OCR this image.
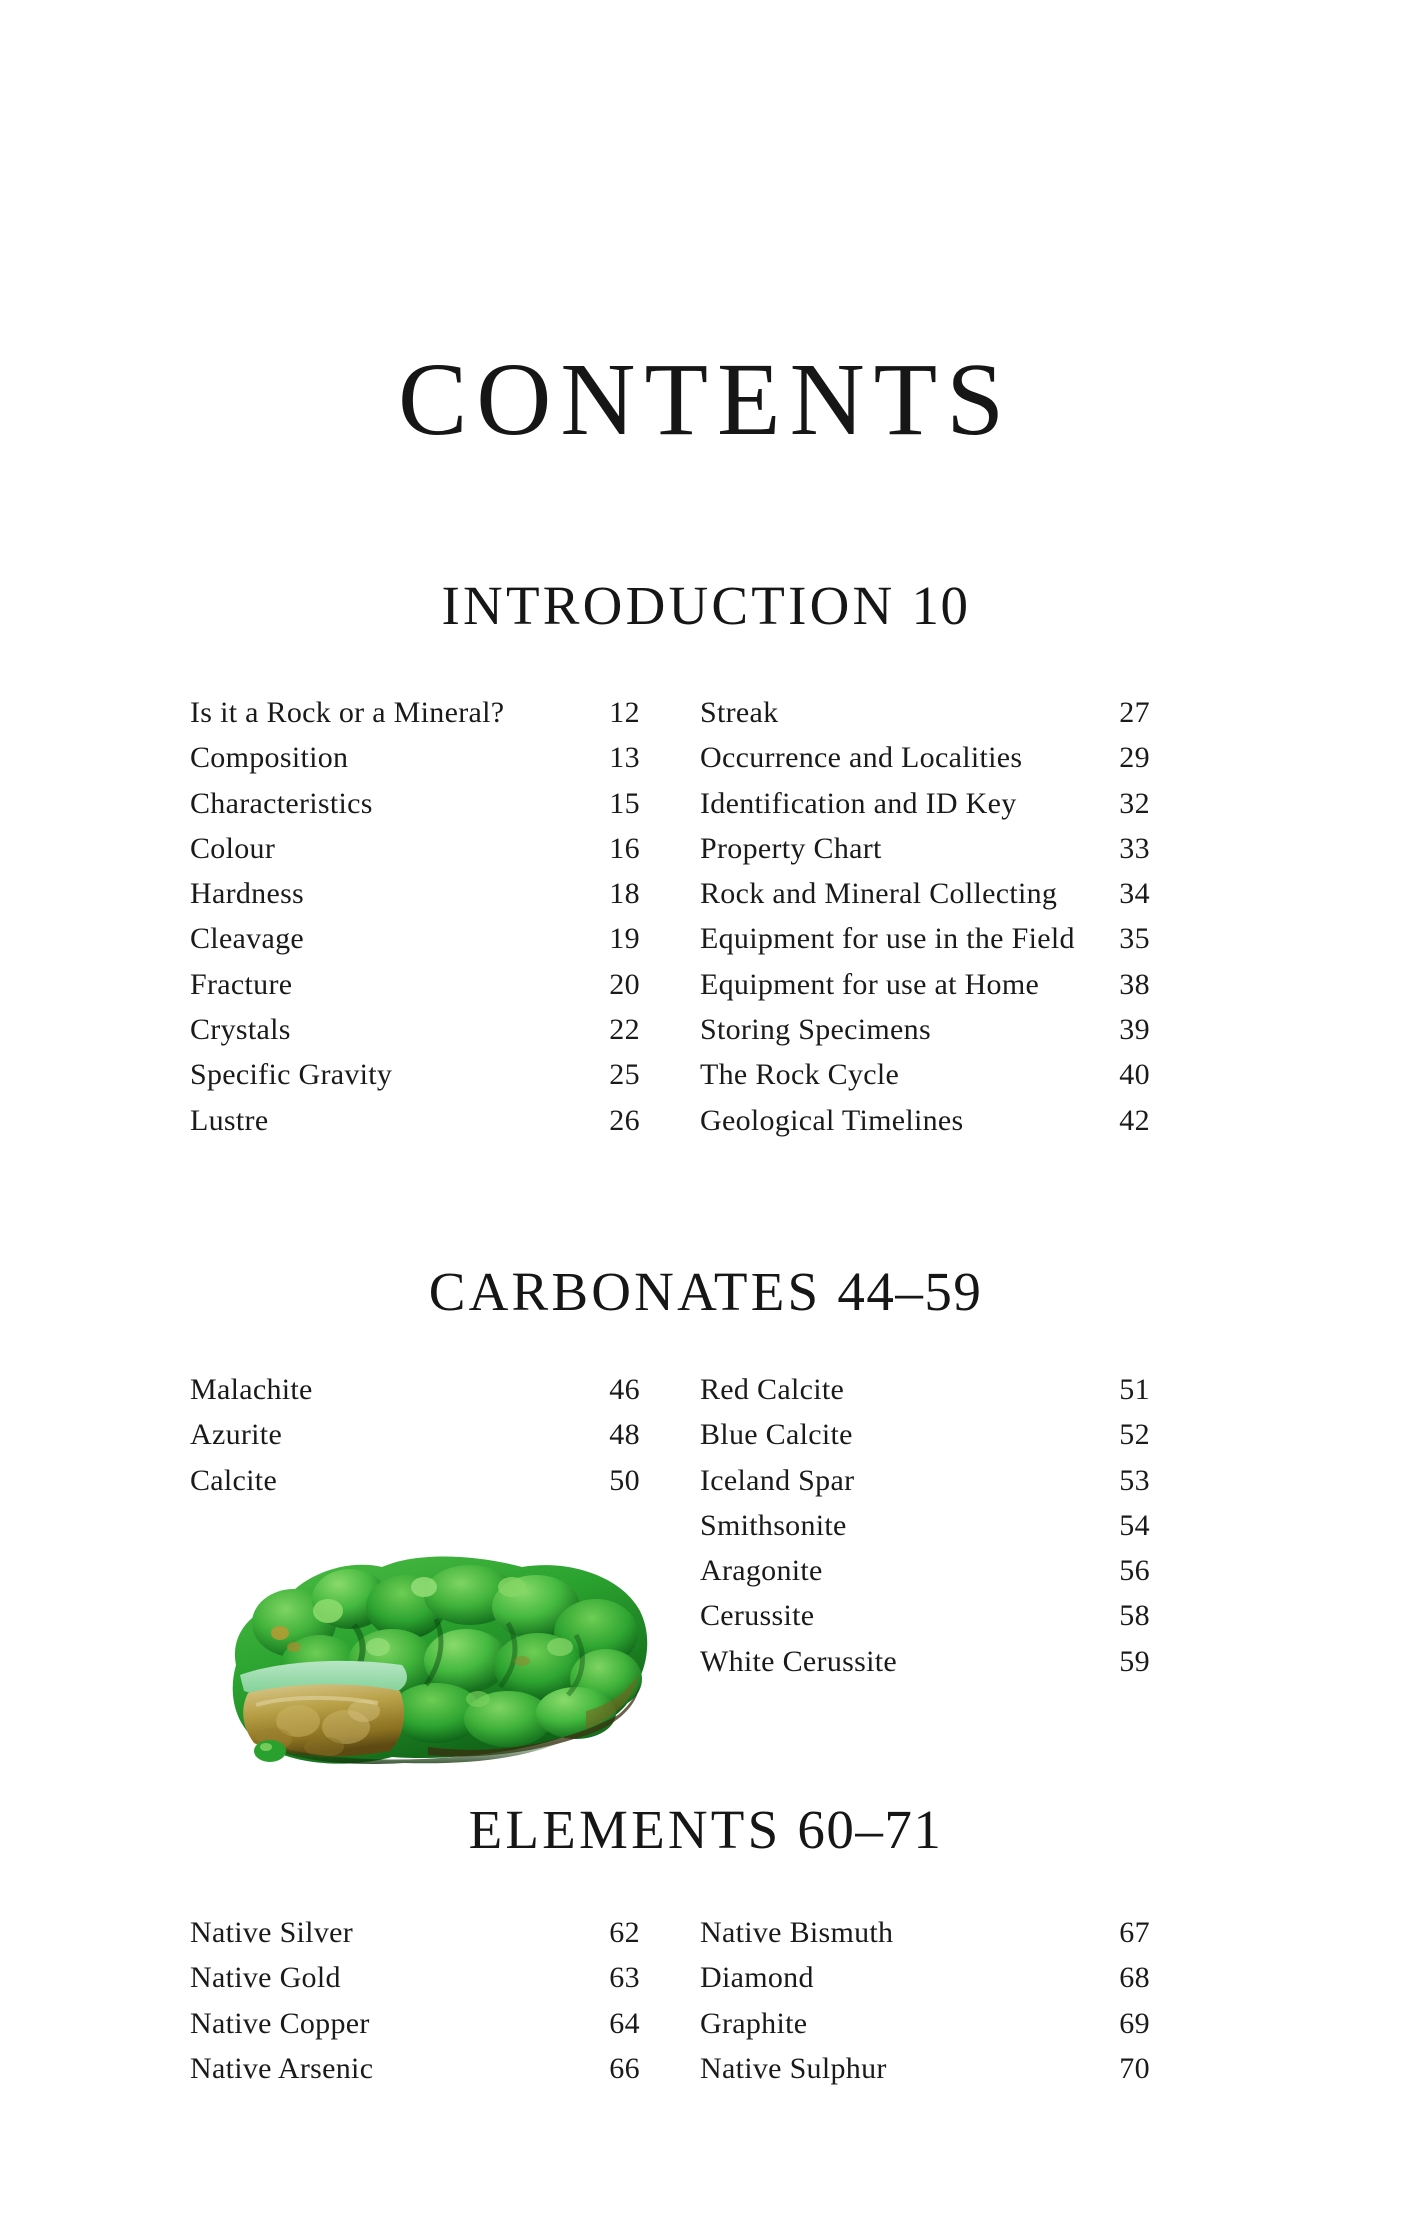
CONTENTS
INTRODUCTION 10
Is it a Rock or a Mineral?	12
Composition	13
Characteristics	15
Colour	16
Hardness	18
Cleavage	19
Fracture	20
Crystals	22
Specific Gravity	25
Lustre	26
Streak	27
Occurrence and Localities	29
Identification and ID Key	32
Property Chart	33
Rock and Mineral Collecting	34
Equipment for use in the Field	35
Equipment for use at Home	38
Storing Specimens	39
The Rock Cycle	40
Geological Timelines	42
CARBONATES 44–59
Malachite	46
Azurite	48
Calcite	50
Red Calcite	51
Blue Calcite	52
Iceland Spar	53
Smithsonite	54
Aragonite	56
Cerussite	58
White Cerussite	59
ELEMENTS 60–71
Native Silver	62
Native Gold	63
Native Copper	64
Native Arsenic	66
Native Bismuth	67
Diamond	68
Graphite	69
Native Sulphur	70
